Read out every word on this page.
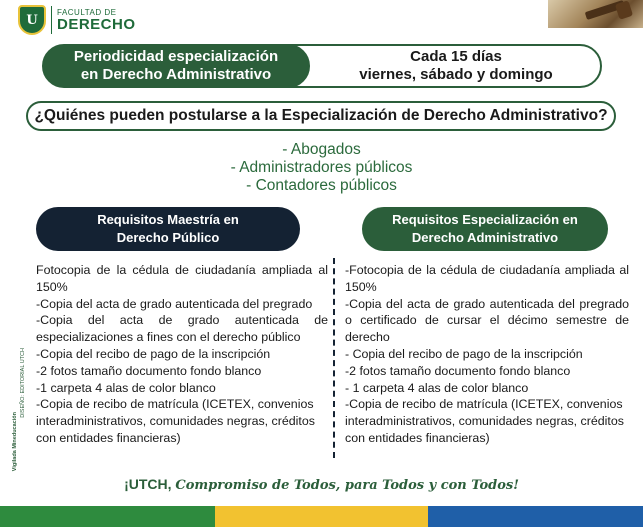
U
FACULTAD DE
DERECHO
Periodicidad especialización
en Derecho Administrativo
Cada 15 días
viernes, sábado y domingo
¿Quiénes pueden postularse a la Especialización de Derecho Administrativo?
- Abogados
- Administradores públicos
- Contadores públicos
Requisitos Maestría en
Derecho Público
Requisitos Especialización en
Derecho Administrativo

Fotocopia de la cédula de ciudadanía ampliada al 150%

-Copia del acta de grado autenticada del pregrado

-Copia del acta de grado autenticada de especializaciones a fines con el derecho público

-Copia del recibo de pago de la inscripción

-2 fotos tamaño documento fondo blanco

-1 carpeta 4 alas de color blanco

-Copia de recibo de matrícula (ICETEX, convenios interadministrativos, comunidades negras, créditos con entidades financieras)

-Fotocopia de la cédula de ciudadanía ampliada al 150%

-Copia del acta de grado autenticada del pregrado o certificado de cursar el décimo semestre de derecho

- Copia del recibo de pago de la inscripción

-2 fotos tamaño documento fondo blanco

- 1 carpeta 4 alas de color blanco

-Copia de recibo de matrícula (ICETEX, convenios interadministrativos, comunidades negras, créditos con entidades financieras)

Vigilada Mineducación
DISEÑO: EDITORIAL UTCH
¡UTCH, Compromiso de Todos, para Todos y con Todos!
